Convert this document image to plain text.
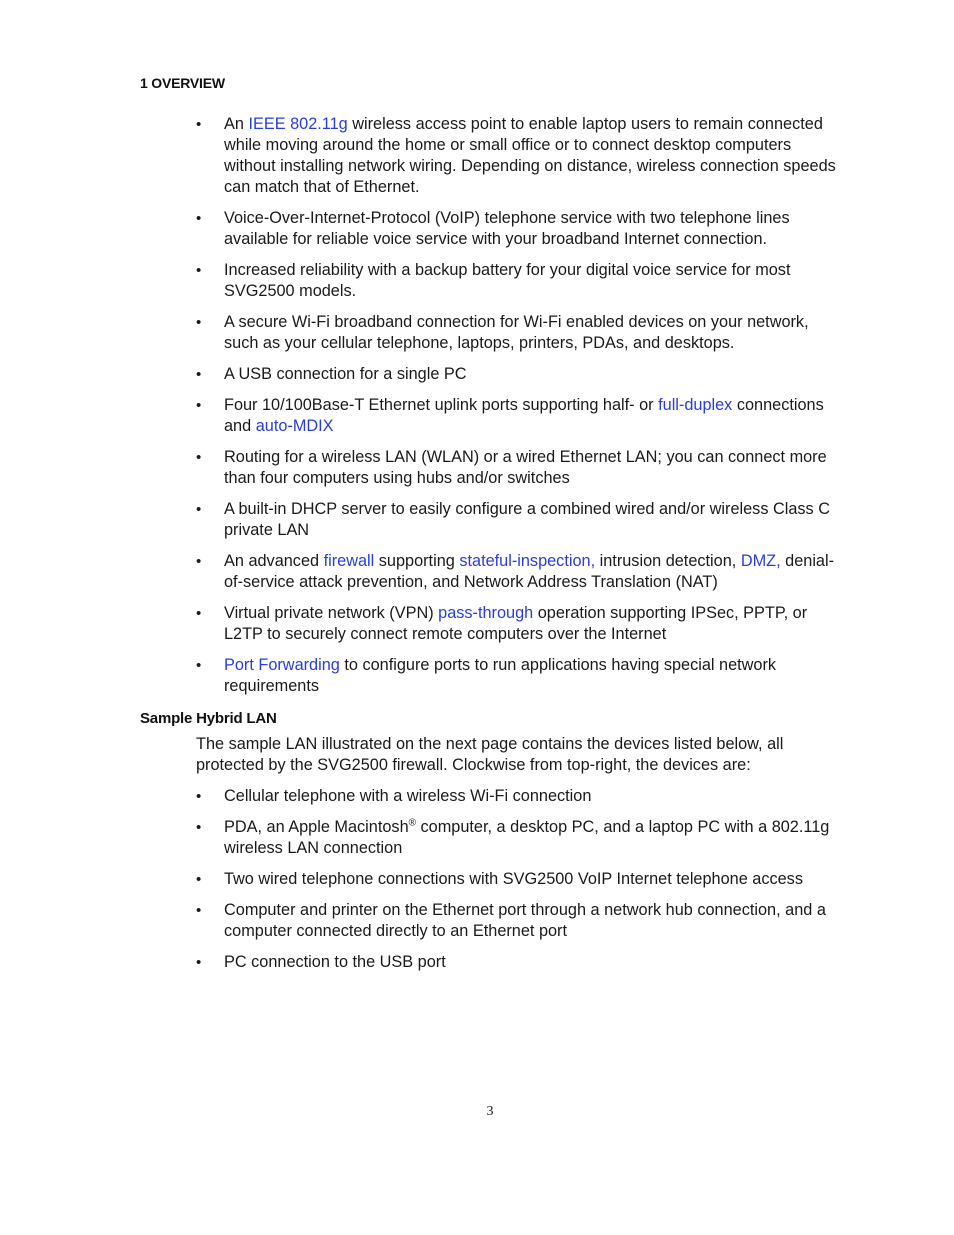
1 OVERVIEW
• An IEEE 802.11g wireless access point to enable laptop users to remain connected while moving around the home or small office or to connect desktop computers without installing network wiring. Depending on distance, wireless connection speeds can match that of Ethernet.
• Voice-Over-Internet-Protocol (VoIP) telephone service with two telephone lines available for reliable voice service with your broadband Internet connection.
• Increased reliability with a backup battery for your digital voice service for most SVG2500 models.
• A secure Wi-Fi broadband connection for Wi-Fi enabled devices on your network, such as your cellular telephone, laptops, printers, PDAs, and desktops.
• A USB connection for a single PC
• Four 10/100Base-T Ethernet uplink ports supporting half- or full-duplex connections and auto-MDIX
• Routing for a wireless LAN (WLAN) or a wired Ethernet LAN; you can connect more than four computers using hubs and/or switches
• A built-in DHCP server to easily configure a combined wired and/or wireless Class C private LAN
• An advanced firewall supporting stateful-inspection, intrusion detection, DMZ, denial-of-service attack prevention, and Network Address Translation (NAT)
• Virtual private network (VPN) pass-through operation supporting IPSec, PPTP, or L2TP to securely connect remote computers over the Internet
• Port Forwarding to configure ports to run applications having special network requirements
Sample Hybrid LAN

The sample LAN illustrated on the next page contains the devices listed below, all protected by the SVG2500 firewall. Clockwise from top-right, the devices are:

• Cellular telephone with a wireless Wi-Fi connection
• PDA, an Apple Macintosh® computer, a desktop PC, and a laptop PC with a 802.11g wireless LAN connection
• Two wired telephone connections with SVG2500 VoIP Internet telephone access
• Computer and printer on the Ethernet port through a network hub connection, and a computer connected directly to an Ethernet port
• PC connection to the USB port
3
